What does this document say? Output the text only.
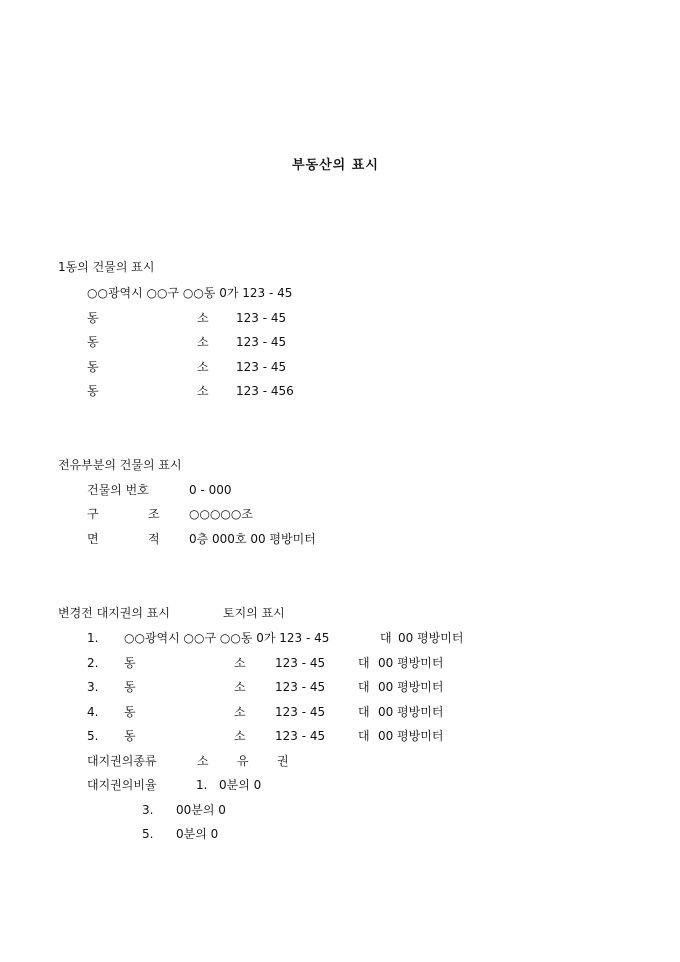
부동산의 표시
1동의 건물의 표시
○○광역시 ○○구 ○○동 0가 123 - 45
동	소 123 - 45
동	소 123 - 45
동	소 123 - 45
동	소 123 - 456
전유부분의 건물의 표시
건물의 번호	0 - 000
구	조 ○○○○○조
면	적 0층 000호 00 평방미터
변경전 대지권의 표시	토지의 표시
1. ○○광역시 ○○구 ○○동 0가 123 - 45	대 00 평방미터
2. 동	소 123 - 45	대 00 평방미터
3. 동	소 123 - 45	대 00 평방미터
4. 동	소 123 - 45	대 00 평방미터
5. 동	소 123 - 45	대 00 평방미터
대지권의종류	소 유 권
대지권의비율	1. 0분의 0
3. 00분의 0
5. 0분의 0
